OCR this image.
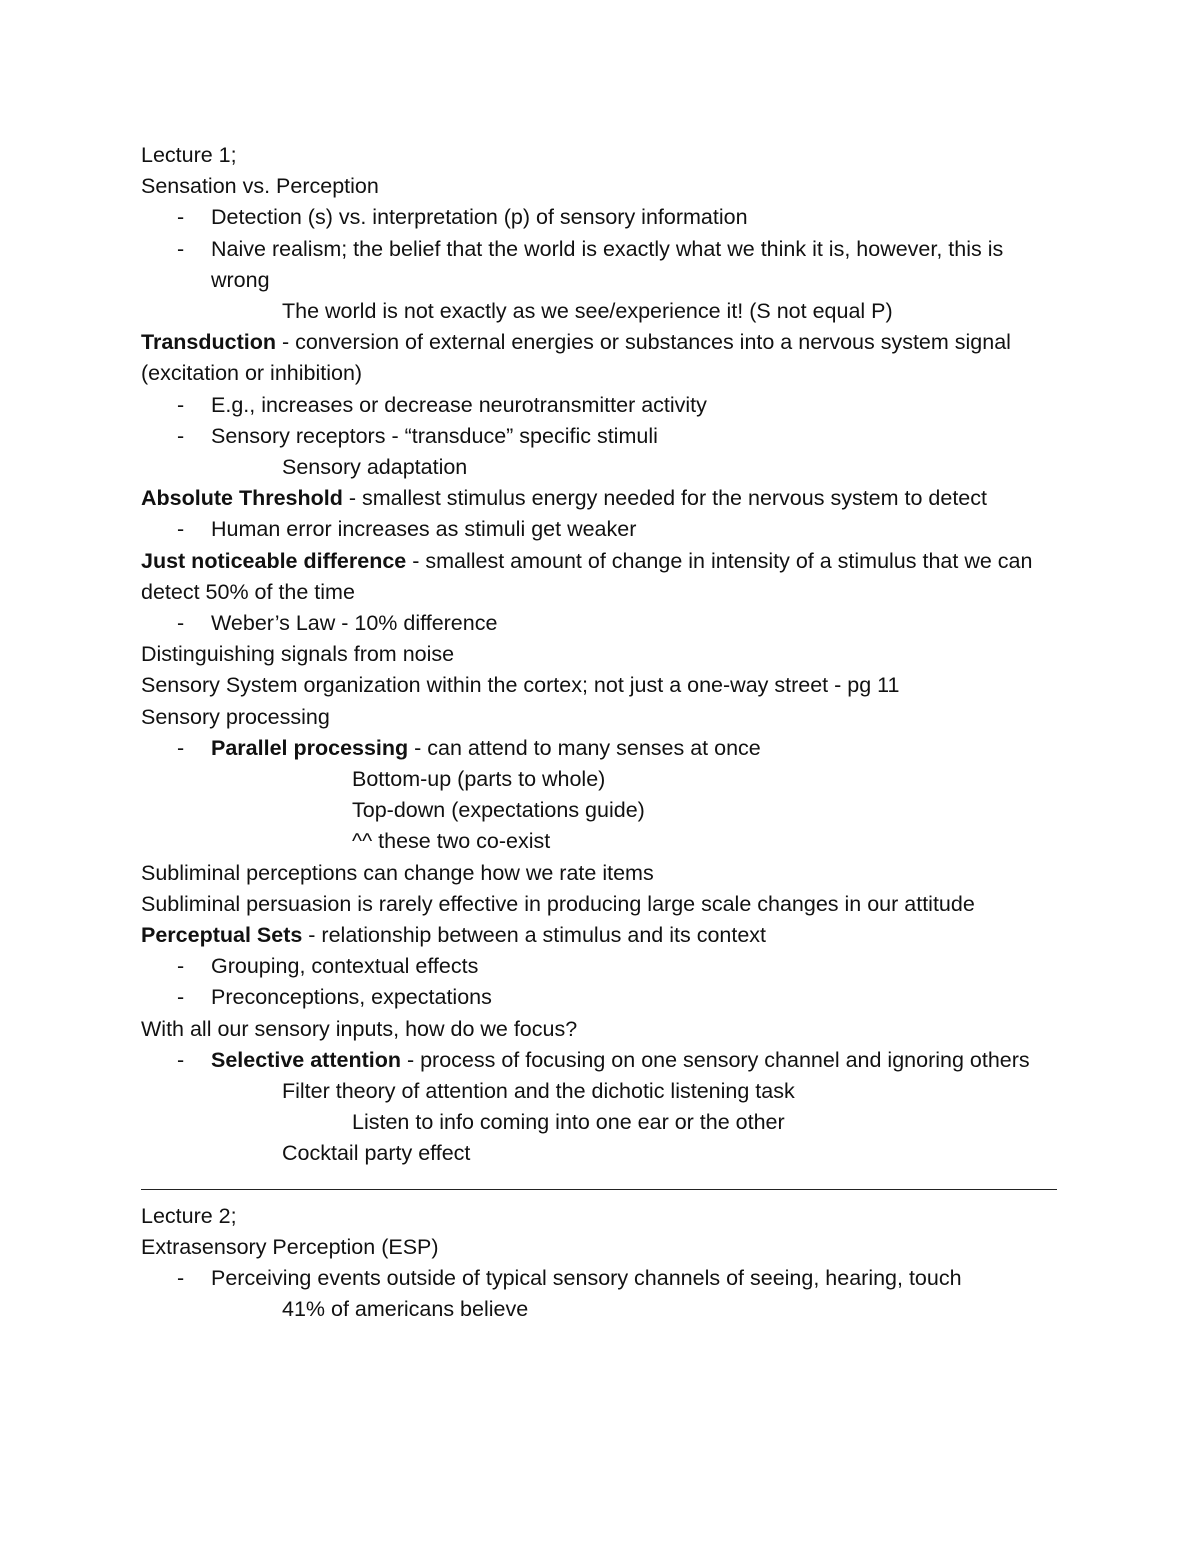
Lecture 1;
Sensation vs. Perception
- Detection (s) vs. interpretation (p) of sensory information
- Naive realism; the belief that the world is exactly what we think it is, however, this is wrong
The world is not exactly as we see/experience it! (S not equal P)
Transduction - conversion of external energies or substances into a nervous system signal (excitation or inhibition)
- E.g., increases or decrease neurotransmitter activity
- Sensory receptors - “transduce” specific stimuli
Sensory adaptation
Absolute Threshold - smallest stimulus energy needed for the nervous system to detect
- Human error increases as stimuli get weaker
Just noticeable difference - smallest amount of change in intensity of a stimulus that we can detect 50% of the time
- Weber’s Law - 10% difference
Distinguishing signals from noise
Sensory System organization within the cortex; not just a one-way street - pg 11
Sensory processing
- Parallel processing - can attend to many senses at once
Bottom-up (parts to whole)
Top-down (expectations guide)
^^ these two co-exist
Subliminal perceptions can change how we rate items
Subliminal persuasion is rarely effective in producing large scale changes in our attitude
Perceptual Sets - relationship between a stimulus and its context
- Grouping, contextual effects
- Preconceptions, expectations
With all our sensory inputs, how do we focus?
- Selective attention - process of focusing on one sensory channel and ignoring others
Filter theory of attention and the dichotic listening task
Listen to info coming into one ear or the other
Cocktail party effect
Lecture 2;
Extrasensory Perception (ESP)
- Perceiving events outside of typical sensory channels of seeing, hearing, touch
41% of americans believe
